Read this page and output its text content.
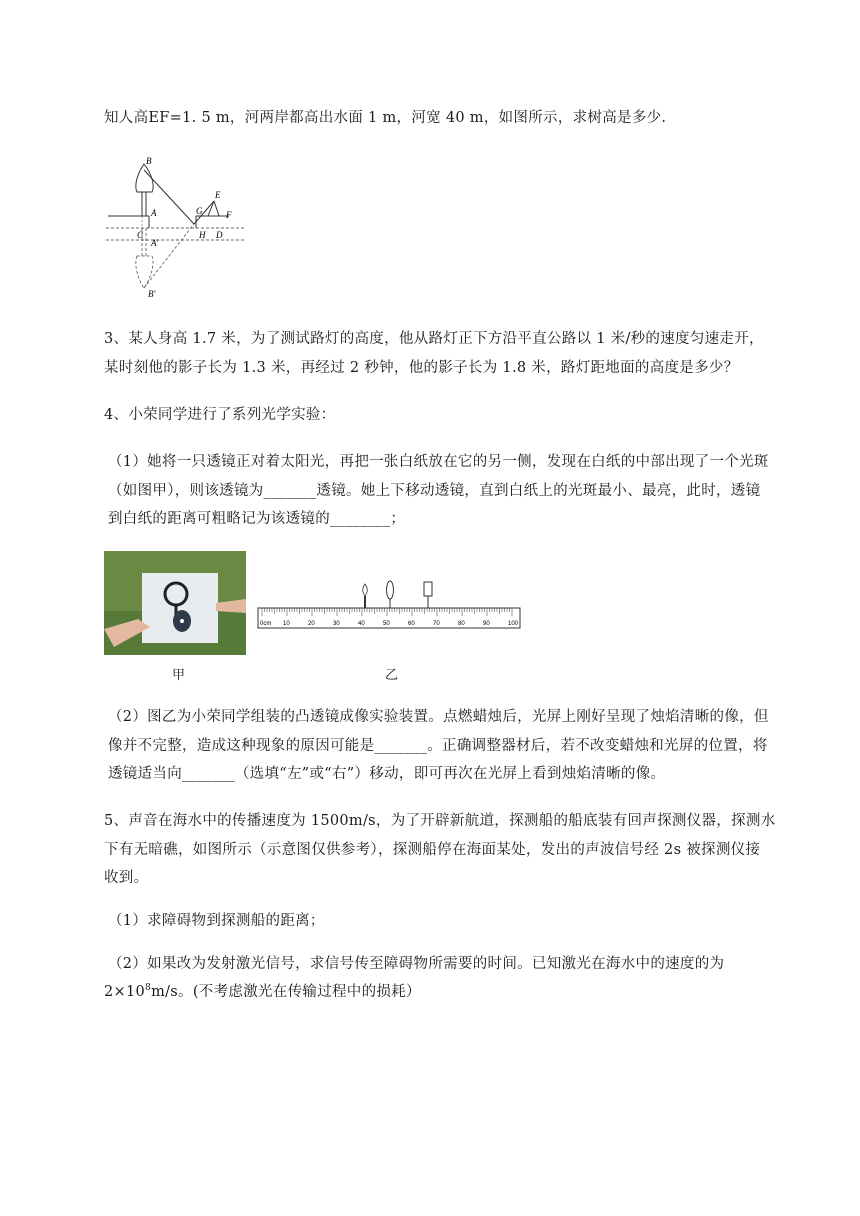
知人高EF=1. 5 m，河两岸都高出水面 1 m，河宽 40 m，如图所示，求树高是多少.
B
A
C
A′
B′
G
E
F
H D
3、某人身高 1.7 米，为了测试路灯的高度，他从路灯正下方沿平直公路以 1 米/秒的速度匀速走开，
某时刻他的影子长为 1.3 米，再经过 2 秒钟，他的影子长为 1.8 米，路灯距地面的高度是多少？
4、小荣同学进行了系列光学实验：
（1）她将一只透镜正对着太阳光，再把一张白纸放在它的另一侧，发现在白纸的中部出现了一个光斑
（如图甲），则该透镜为_______透镜。她上下移动透镜，直到白纸上的光斑最小、最亮，此时，透镜
到白纸的距离可粗略记为该透镜的________；
甲
10	20	30	40	50	60	70	80	90	100
0cm
乙
（2）图乙为小荣同学组装的凸透镜成像实验装置。点燃蜡烛后，光屏上刚好呈现了烛焰清晰的像，但
像并不完整，造成这种现象的原因可能是_______。正确调整器材后，若不改变蜡烛和光屏的位置，将
透镜适当向_______（选填“左”或“右”）移动，即可再次在光屏上看到烛焰清晰的像。
5、声音在海水中的传播速度为 1500m/s，为了开辟新航道，探测船的船底装有回声探测仪器，探测水
下有无暗礁，如图所示（示意图仅供参考），探测船停在海面某处，发出的声波信号经 2s 被探测仪接
收到。
（1）求障碍物到探测船的距离；
（2）如果改为发射激光信号，求信号传至障碍物所需要的时间。已知激光在海水中的速度的为
$2\times 10^8m/s$。(不考虑激光在传输过程中的损耗）
